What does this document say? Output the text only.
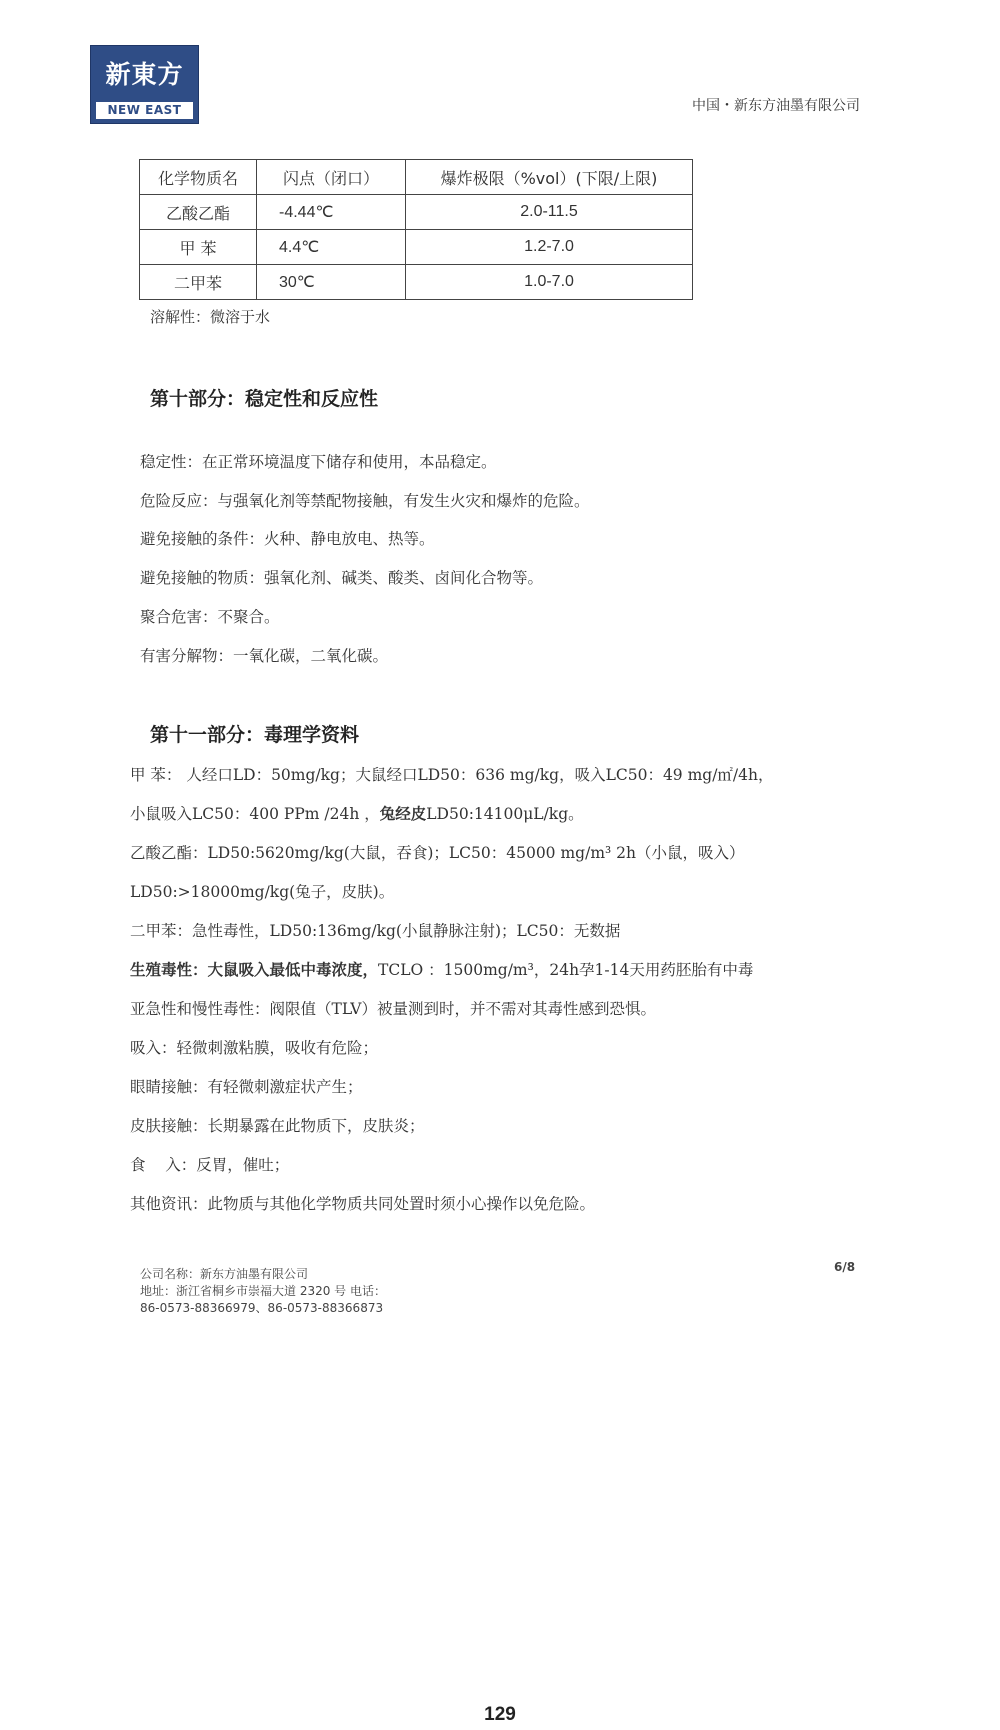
新東方
NEW EAST	中国・新东方油墨有限公司
化学物质名	闪点（闭口）	爆炸极限（%vol）(下限/上限)
乙酸乙酯	-4.44℃	2.0-11.5
甲 苯	4.4℃	1.2-7.0
二甲苯	30℃	1.0-7.0
溶解性：微溶于水
第十部分：稳定性和反应性
稳定性：在正常环境温度下储存和使用，本品稳定。
危险反应：与强氧化剂等禁配物接触，有发生火灾和爆炸的危险。
避免接触的条件：火种、静电放电、热等。
避免接触的物质：强氧化剂、碱类、酸类、卤间化合物等。
聚合危害：不聚合。
有害分解物：一氧化碳，二氧化碳。
第十一部分：毒理学资料
甲 苯： 人经口LD：50mg/kg；大鼠经口LD50：636 mg/kg，吸入LC50：49 mg/㎡/4h，
小鼠吸入LC50：400 PPm /24h ，兔经皮LD50:14100μL/kg。
乙酸乙酯：LD50:5620mg/kg(大鼠，吞食)；LC50：45000 mg/m³ 2h（小鼠，吸入）
LD50:>18000mg/kg(兔子，皮肤)。
二甲苯：急性毒性，LD50:136mg/kg(小鼠静脉注射)；LC50：无数据
生殖毒性：大鼠吸入最低中毒浓度，TCLO ：1500mg/m³，24h孕1-14天用药胚胎有中毒
亚急性和慢性毒性：阀限值（TLV）被量测到时，并不需对其毒性感到恐惧。
吸入：轻微刺激粘膜，吸收有危险；
眼睛接触：有轻微刺激症状产生；
皮肤接触：长期暴露在此物质下，皮肤炎；
食    入：反胃，催吐；
其他资讯：此物质与其他化学物质共同处置时须小心操作以免危险。
公司名称：新东方油墨有限公司
地址：浙江省桐乡市崇福大道 2320 号 电话：
86-0573-88366979、86-0573-88366873
6/8
129
